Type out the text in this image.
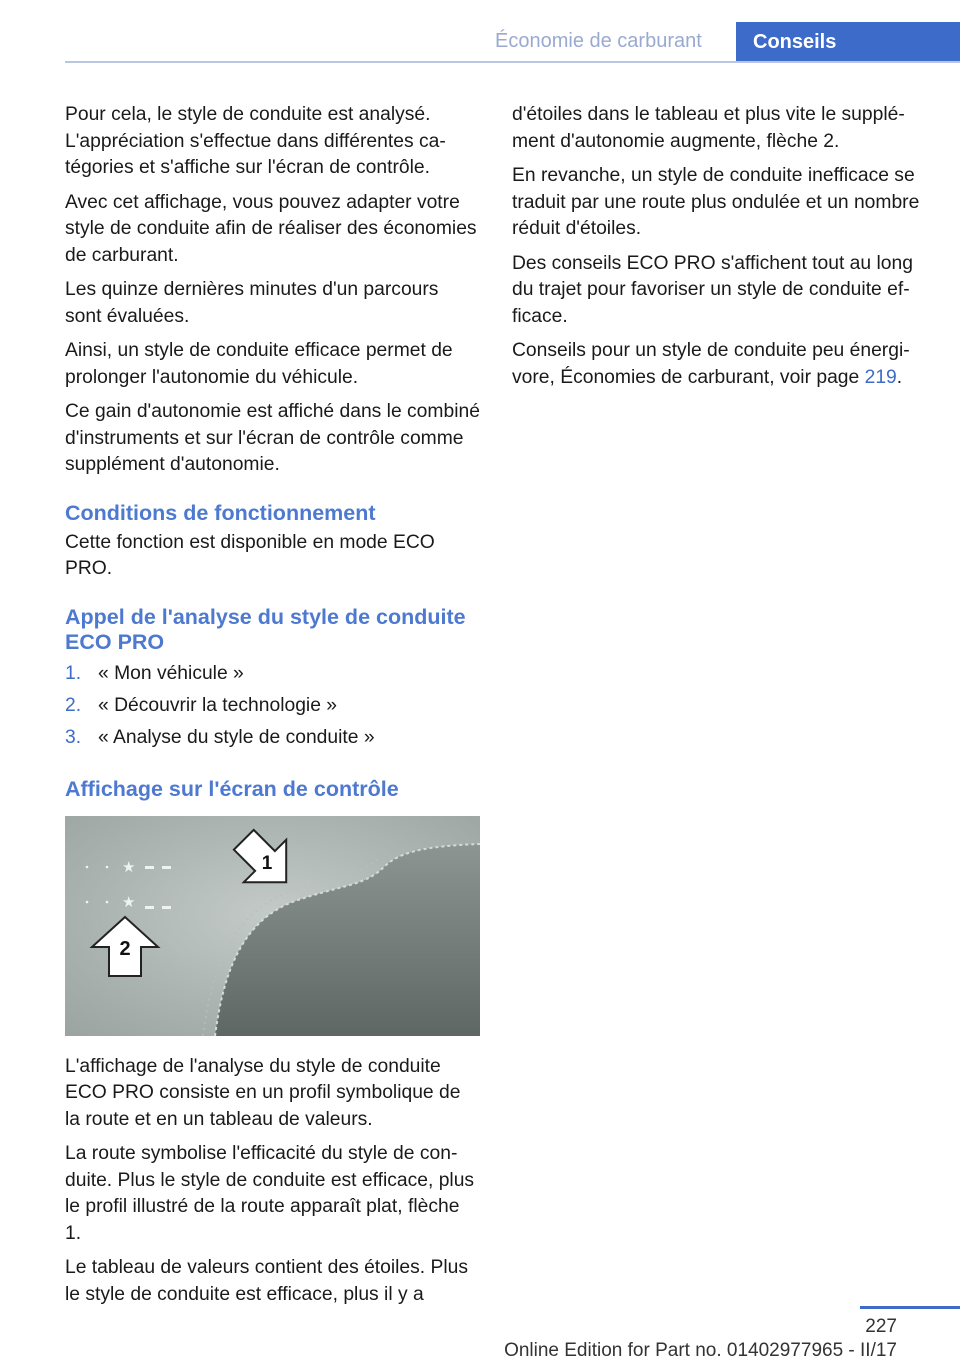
Économie de carburant	Conseils

Pour cela, le style de conduite est analysé. L'appréciation s'effectue dans différentes catégories et s'affiche sur l'écran de contrôle.

Avec cet affichage, vous pouvez adapter votre style de conduite afin de réaliser des économies de carburant.

Les quinze dernières minutes d'un parcours sont évaluées.

Ainsi, un style de conduite efficace permet de prolonger l'autonomie du véhicule.

Ce gain d'autonomie est affiché dans le combiné d'instruments et sur l'écran de contrôle comme supplément d'autonomie.

Conditions de fonctionnement

Cette fonction est disponible en mode ECO PRO.

Appel de l'analyse du style de conduite ECO PRO
1. « Mon véhicule »
2. « Découvrir la technologie »
3. « Analyse du style de conduite »
Affichage sur l'écran de contrôle
★
★
2
1

L'affichage de l'analyse du style de conduite ECO PRO consiste en un profil symbolique de la route et en un tableau de valeurs.

La route symbolise l'efficacité du style de conduite. Plus le style de conduite est efficace, plus le profil illustré de la route apparaît plat, flèche 1.

Le tableau de valeurs contient des étoiles. Plus le style de conduite est efficace, plus il y a

d'étoiles dans le tableau et plus vite le supplément d'autonomie augmente, flèche 2.

En revanche, un style de conduite inefficace se traduit par une route plus ondulée et un nombre réduit d'étoiles.

Des conseils ECO PRO s'affichent tout au long du trajet pour favoriser un style de conduite efficace.

Conseils pour un style de conduite peu énergivore, Économies de carburant, voir page 219.

227
Online Edition for Part no. 01402977965 - II/17
